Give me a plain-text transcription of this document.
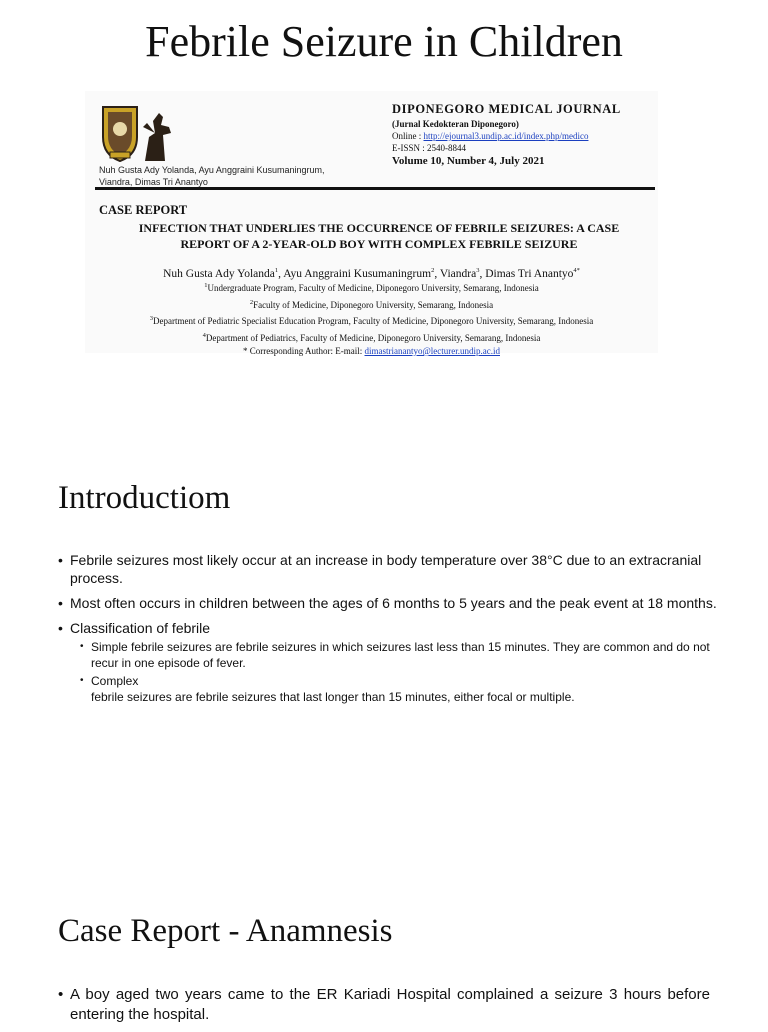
Febrile Seizure in Children
Nuh Gusta Ady Yolanda, Ayu Anggraini Kusumaningrum,
Viandra, Dimas Tri Anantyo
DIPONEGORO MEDICAL JOURNAL
(Jurnal Kedokteran Diponegoro)
Online : http://ejournal3.undip.ac.id/index.php/medico
E-ISSN : 2540-8844
Volume 10, Number 4, July 2021
CASE REPORT
INFECTION THAT UNDERLIES THE OCCURRENCE OF FEBRILE SEIZURES: A CASE
REPORT OF A 2-YEAR-OLD BOY WITH COMPLEX FEBRILE SEIZURE
Nuh Gusta Ady Yolanda$^1$, Ayu Anggraini Kusumaningrum$^2$, Viandra$^3$, Dimas Tri Anantyo$^{4*}$
$^1$Undergraduate Program, Faculty of Medicine, Diponegoro University, Semarang, Indonesia
$^2$Faculty of Medicine, Diponegoro University, Semarang, Indonesia
$^3$Department of Pediatric Specialist Education Program, Faculty of Medicine, Diponegoro University, Semarang, Indonesia
$^4$Department of Pediatrics, Faculty of Medicine, Diponegoro University, Semarang, Indonesia
* Corresponding Author: E-mail: dimastrianantyo@lecturer.undip.ac.id
Introductiom
• Febrile seizures most likely occur at an increase in body temperature over 38°C due to an extracranial process.
• Most often occurs in children between the ages of 6 months to 5 years and the peak event at 18 months.
• Classification of febrile
• Simple febrile seizures are febrile seizures in which seizures last less than 15 minutes. They are common and do not recur in one episode of fever.
• Complex
febrile seizures are febrile seizures that last longer than 15 minutes, either focal or multiple.
Case Report - Anamnesis
• A boy aged two years came to the ER Kariadi Hospital complained a seizure 3 hours before entering the hospital.
